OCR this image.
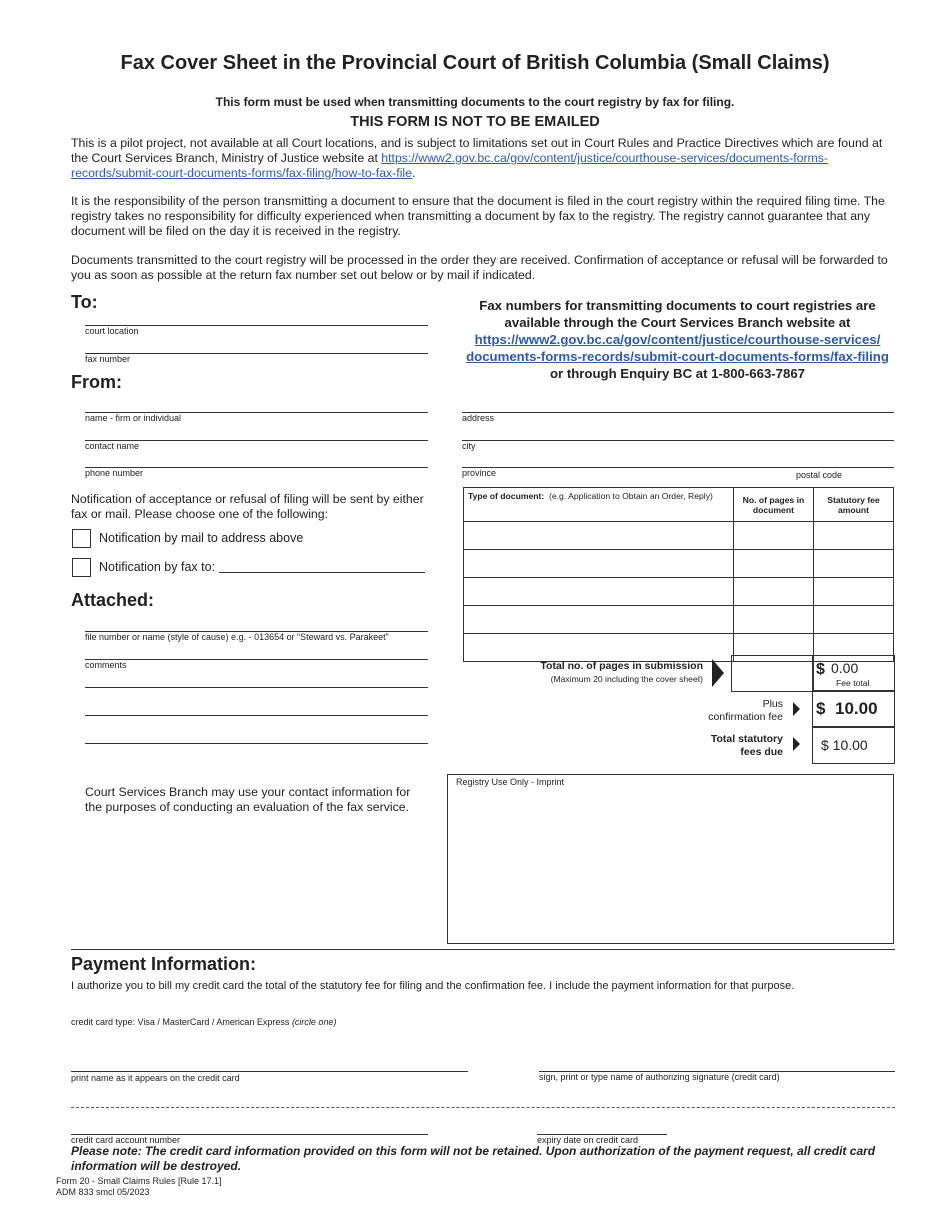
Fax Cover Sheet in the Provincial Court of British Columbia (Small Claims)
This form must be used when transmitting documents to the court registry by fax for filing.
THIS FORM IS NOT TO BE EMAILED
This is a pilot project, not available at all Court locations, and is subject to limitations set out in Court Rules and Practice Directives which are found at the Court Services Branch, Ministry of Justice website at https://www2.gov.bc.ca/gov/content/justice/courthouse-services/documents-forms-records/submit-court-documents-forms/fax-filing/how-to-fax-file.
It is the responsibility of the person transmitting a document to ensure that the document is filed in the court registry within the required filing time. The registry takes no responsibility for difficulty experienced when transmitting a document by fax to the registry. The registry cannot guarantee that any document will be filed on the day it is received in the registry.
Documents transmitted to the court registry will be processed in the order they are received. Confirmation of acceptance or refusal will be forwarded to you as soon as possible at the return fax number set out below or by mail if indicated.
To:
court location
fax number
Fax numbers for transmitting documents to court registries are
available through the Court Services Branch website at
https://www2.gov.bc.ca/gov/content/justice/courthouse-services/
documents-forms-records/submit-court-documents-forms/fax-filing
or through Enquiry BC at 1-800-663-7867
From:
name - firm or individual
contact name
phone number
address
city
province	postal code
Notification of acceptance or refusal of filing will be sent by either fax or mail. Please choose one of the following:
Notification by mail to address above
Notification by fax to:
Attached:
file number or name (style of cause) e.g. - 013654 or “Steward vs. Parakeet”
comments
Court Services Branch may use your contact information for the purposes of conducting an evaluation of the fax service.
Type of document: (e.g. Application to Obtain an Order, Reply)	No. of pages in document	Statutory fee amount

Total no. of pages in submission
(Maximum 20 including the cover sheet)
$ 0.00
Fee total
Plus
confirmation fee $ 10.00
Total statutory
fees due	$ 10.00
Registry Use Only - Imprint
Payment Information:
I authorize you to bill my credit card the total of the statutory fee for filing and the confirmation fee. I include the payment information for that purpose.
credit card type: Visa / MasterCard / American Express (circle one)
print name as it appears on the credit card	sign, print or type name of authorizing signature (credit card)
credit card account number	expiry date on credit card
Please note: The credit card information provided on this form will not be retained. Upon authorization of the payment request, all credit card information will be destroyed.
Form 20 - Small Claims Rules [Rule 17.1]
ADM 833 smcl 05/2023
